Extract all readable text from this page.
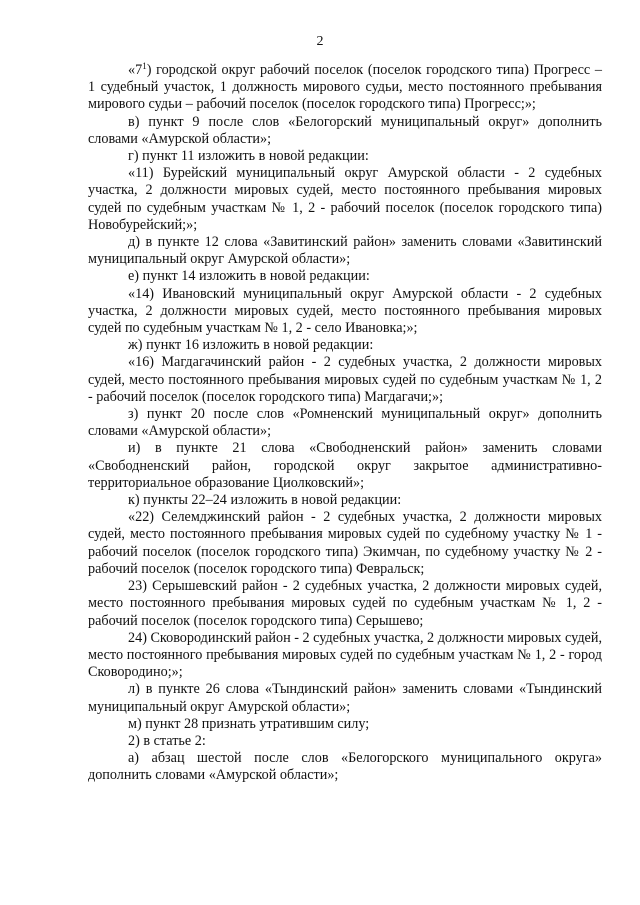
2

«$7^1$) городской округ рабочий поселок (поселок городского типа) Прогресс – 1 судебный участок, 1 должность мирового судьи, место постоянного пребывания мирового судьи – рабочий поселок (поселок городского типа) Прогресс;»;

в) пункт 9 после слов «Белогорский муниципальный округ» дополнить словами «Амурской области»;

г) пункт 11 изложить в новой редакции:

«11) Бурейский муниципальный округ Амурской области - 2 судебных участка, 2 должности мировых судей, место постоянного пребывания мировых судей по судебным участкам № 1, 2 - рабочий поселок (поселок городского типа) Новобурейский;»;

д) в пункте 12 слова «Завитинский район» заменить словами «Завитинский муниципальный округ Амурской области»;

е) пункт 14 изложить в новой редакции:

«14) Ивановский муниципальный округ Амурской области - 2 судебных участка, 2 должности мировых судей, место постоянного пребывания мировых судей по судебным участкам № 1, 2 - село Ивановка;»;

ж) пункт 16 изложить в новой редакции:

«16) Магдагачинский район - 2 судебных участка, 2 должности мировых судей, место постоянного пребывания мировых судей по судебным участкам № 1, 2 - рабочий поселок (поселок городского типа) Магдагачи;»;

з) пункт 20 после слов «Ромненский муниципальный округ» дополнить словами «Амурской области»;

и) в пункте 21 слова «Свободненский район» заменить словами «Свободненский район, городской округ закрытое административно-территориальное образование Циолковский»;

к) пункты 22–24 изложить в новой редакции:

«22) Селемджинский район - 2 судебных участка, 2 должности мировых судей, место постоянного пребывания мировых судей по судебному участку № 1 - рабочий поселок (поселок городского типа) Экимчан, по судебному участку № 2 - рабочий поселок (поселок городского типа) Февральск;

23) Серышевский район - 2 судебных участка, 2 должности мировых судей, место постоянного пребывания мировых судей по судебным участкам № 1, 2 - рабочий поселок (поселок городского типа) Серышево;

24) Сковородинский район - 2 судебных участка, 2 должности мировых судей, место постоянного пребывания мировых судей по судебным участкам № 1, 2 - город Сковородино;»;

л) в пункте 26 слова «Тындинский район» заменить словами «Тындинский муниципальный округ Амурской области»;

м) пункт 28 признать утратившим силу;

2) в статье 2:

а) абзац шестой после слов «Белогорского муниципального округа» дополнить словами «Амурской области»;
